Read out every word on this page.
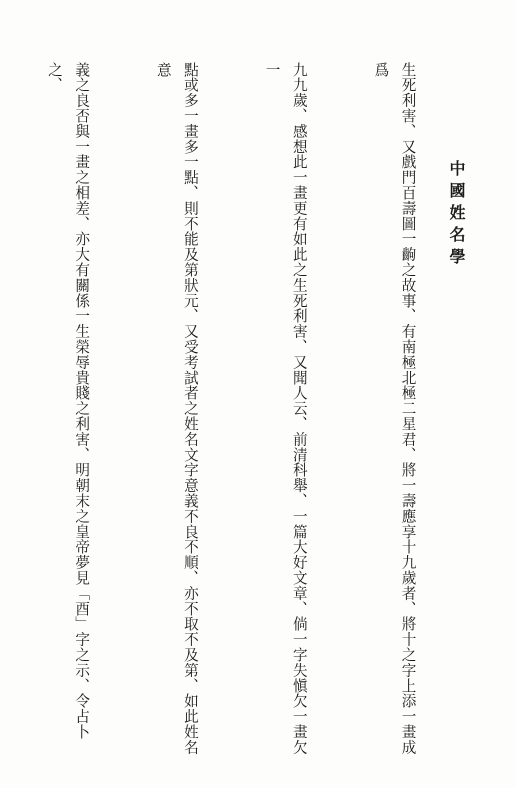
中國姓名學

生死利害、又戲門百壽圖一齣之故事、有南極北極二星君、將一壽應享十九歲者、將十之字上添一畫成爲

九九歲、感想此一畫更有如此之生死利害、又聞人云、前清科舉、一篇大好文章、倘一字失愼欠一畫欠一

點或多一畫多一點、則不能及第狀元、又受考試者之姓名文字意義不良不順、亦不取不及第、如此姓名意

義之良否與一畫之相差、亦大有關係一生榮辱貴賤之利害、明朝末之皇帝夢見「酉」字之示、令占卜之、
